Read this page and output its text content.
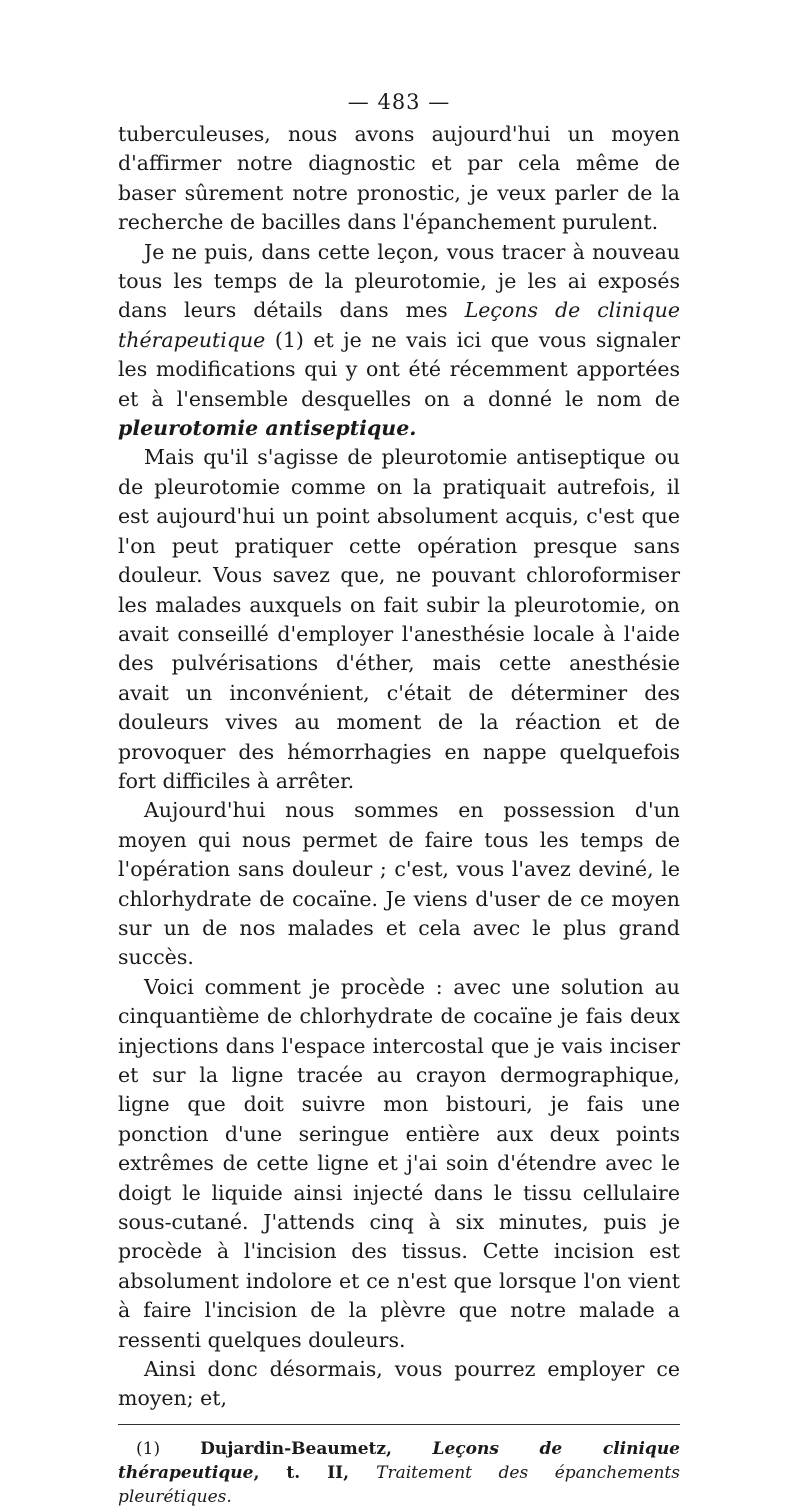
— 483 —

tuberculeuses, nous avons aujourd'hui un moyen d'affirmer notre diagnostic et par cela même de baser sûrement notre pronostic, je veux parler de la recherche de bacilles dans l'épanchement purulent.

Je ne puis, dans cette leçon, vous tracer à nouveau tous les temps de la pleurotomie, je les ai exposés dans leurs détails dans mes Leçons de clinique thérapeutique (1) et je ne vais ici que vous signaler les modifications qui y ont été récemment apportées et à l'ensemble desquelles on a donné le nom de pleurotomie antiseptique.

Mais qu'il s'agisse de pleurotomie antiseptique ou de pleurotomie comme on la pratiquait autrefois, il est aujourd'hui un point absolument acquis, c'est que l'on peut pratiquer cette opération presque sans douleur. Vous savez que, ne pouvant chloroformiser les malades auxquels on fait subir la pleurotomie, on avait conseillé d'employer l'anesthésie locale à l'aide des pulvérisations d'éther, mais cette anesthésie avait un inconvénient, c'était de déterminer des douleurs vives au moment de la réaction et de provoquer des hémorrhagies en nappe quelquefois fort difficiles à arrêter.

Aujourd'hui nous sommes en possession d'un moyen qui nous permet de faire tous les temps de l'opération sans douleur ; c'est, vous l'avez deviné, le chlorhydrate de cocaïne. Je viens d'user de ce moyen sur un de nos malades et cela avec le plus grand succès.

Voici comment je procède : avec une solution au cinquantième de chlorhydrate de cocaïne je fais deux injections dans l'espace intercostal que je vais inciser et sur la ligne tracée au crayon dermographique, ligne que doit suivre mon bistouri, je fais une ponction d'une seringue entière aux deux points extrêmes de cette ligne et j'ai soin d'étendre avec le doigt le liquide ainsi injecté dans le tissu cellulaire sous-cutané. J'attends cinq à six minutes, puis je procède à l'incision des tissus. Cette incision est absolument indolore et ce n'est que lorsque l'on vient à faire l'incision de la plèvre que notre malade a ressenti quelques douleurs.

Ainsi donc désormais, vous pourrez employer ce moyen; et,

(1) Dujardin-Beaumetz, Leçons de clinique thérapeutique, t. II, Traitement des épanchements pleurétiques.
